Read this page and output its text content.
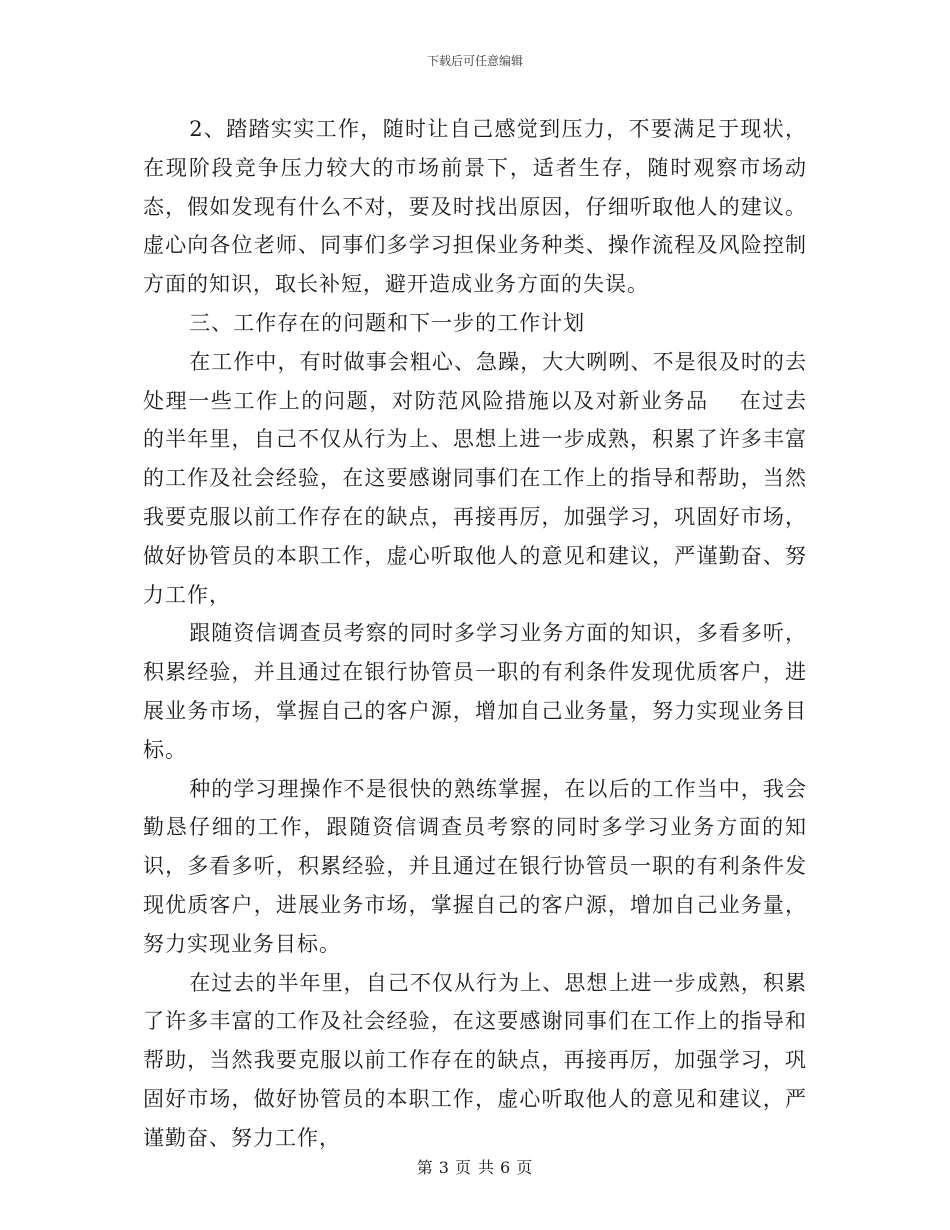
下载后可任意编辑

2、踏踏实实工作，随时让自己感觉到压力，不要满足于现状，在现阶段竞争压力较大的市场前景下，适者生存，随时观察市场动态，假如发现有什么不对，要及时找出原因，仔细听取他人的建议。虚心向各位老师、同事们多学习担保业务种类、操作流程及风险控制方面的知识，取长补短，避开造成业务方面的失误。

三、工作存在的问题和下一步的工作计划

在工作中，有时做事会粗心、急躁，大大咧咧、不是很及时的去处理一些工作上的问题，对防范风险措施以及对新业务品　 在过去的半年里，自己不仅从行为上、思想上进一步成熟，积累了许多丰富的工作及社会经验，在这要感谢同事们在工作上的指导和帮助，当然我要克服以前工作存在的缺点，再接再厉，加强学习，巩固好市场，做好协管员的本职工作，虚心听取他人的意见和建议，严谨勤奋、努力工作，

跟随资信调查员考察的同时多学习业务方面的知识，多看多听，积累经验，并且通过在银行协管员一职的有利条件发现优质客户，进展业务市场，掌握自己的客户源，增加自己业务量，努力实现业务目标。

种的学习理操作不是很快的熟练掌握，在以后的工作当中，我会勤恳仔细的工作，跟随资信调查员考察的同时多学习业务方面的知识，多看多听，积累经验，并且通过在银行协管员一职的有利条件发现优质客户，进展业务市场，掌握自己的客户源，增加自己业务量，努力实现业务目标。

在过去的半年里，自己不仅从行为上、思想上进一步成熟，积累了许多丰富的工作及社会经验，在这要感谢同事们在工作上的指导和帮助，当然我要克服以前工作存在的缺点，再接再厉，加强学习，巩固好市场，做好协管员的本职工作，虚心听取他人的意见和建议，严谨勤奋、努力工作，

第 3 页 共 6 页
